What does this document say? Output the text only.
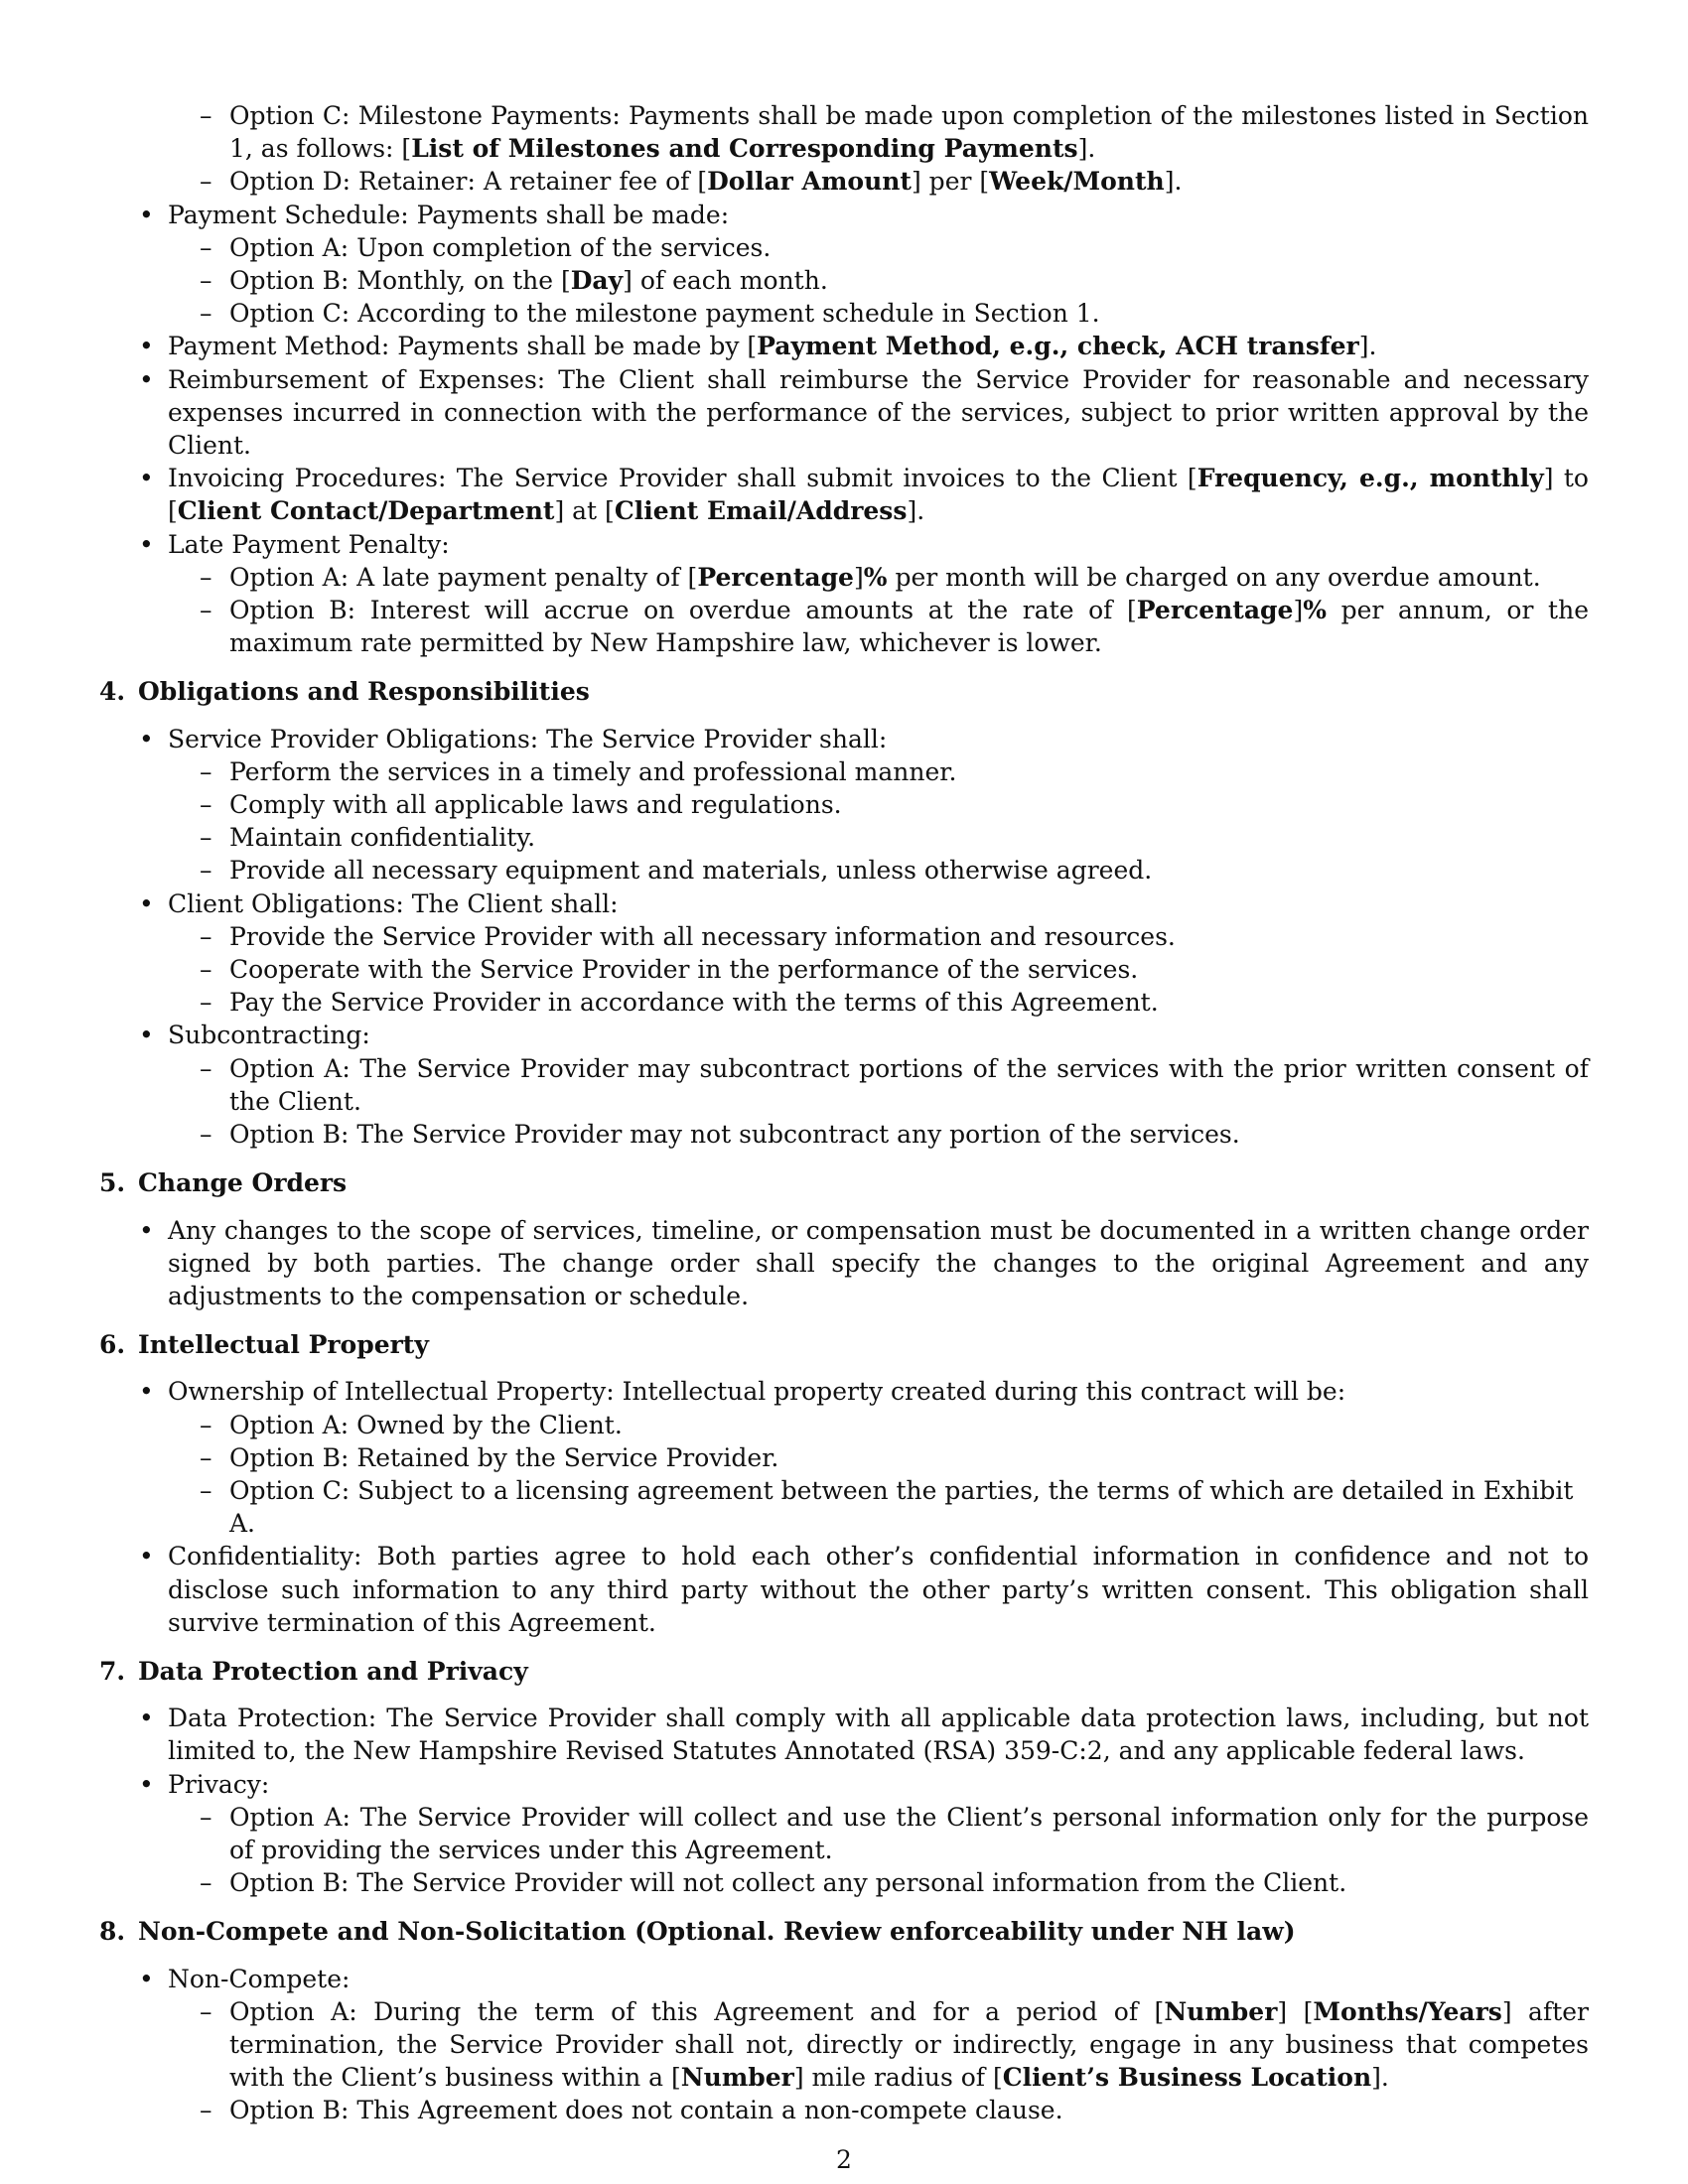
– Option C: Milestone Payments: Payments shall be made upon completion of the milestones listed in Section 1, as follows: [List of Milestones and Corresponding Payments].
– Option D: Retainer: A retainer fee of [Dollar Amount] per [Week/Month].
• Payment Schedule: Payments shall be made:
– Option A: Upon completion of the services.
– Option B: Monthly, on the [Day] of each month.
– Option C: According to the milestone payment schedule in Section 1.
• Payment Method: Payments shall be made by [Payment Method, e.g., check, ACH transfer].
• Reimbursement of Expenses: The Client shall reimburse the Service Provider for reasonable and necessary expenses incurred in connection with the performance of the services, subject to prior written approval by the Client.
• Invoicing Procedures: The Service Provider shall submit invoices to the Client [Frequency, e.g., monthly] to [Client Contact/Department] at [Client Email/Address].
• Late Payment Penalty:
– Option A: A late payment penalty of [Percentage]% per month will be charged on any overdue amount.
– Option B: Interest will accrue on overdue amounts at the rate of [Percentage]% per annum, or the maximum rate permitted by New Hampshire law, whichever is lower.
4. Obligations and Responsibilities
• Service Provider Obligations: The Service Provider shall:
– Perform the services in a timely and professional manner.
– Comply with all applicable laws and regulations.
– Maintain confidentiality.
– Provide all necessary equipment and materials, unless otherwise agreed.
• Client Obligations: The Client shall:
– Provide the Service Provider with all necessary information and resources.
– Cooperate with the Service Provider in the performance of the services.
– Pay the Service Provider in accordance with the terms of this Agreement.
• Subcontracting:
– Option A: The Service Provider may subcontract portions of the services with the prior written consent of the Client.
– Option B: The Service Provider may not subcontract any portion of the services.
5. Change Orders
• Any changes to the scope of services, timeline, or compensation must be documented in a written change order signed by both parties. The change order shall specify the changes to the original Agreement and any adjustments to the compensation or schedule.
6. Intellectual Property
• Ownership of Intellectual Property: Intellectual property created during this contract will be:
– Option A: Owned by the Client.
– Option B: Retained by the Service Provider.
– Option C: Subject to a licensing agreement between the parties, the terms of which are detailed in Exhibit A.
• Confidentiality: Both parties agree to hold each other’s confidential information in confidence and not to disclose such information to any third party without the other party’s written consent. This obligation shall survive termination of this Agreement.
7. Data Protection and Privacy
• Data Protection: The Service Provider shall comply with all applicable data protection laws, including, but not limited to, the New Hampshire Revised Statutes Annotated (RSA) 359-C:2, and any applicable federal laws.
• Privacy:
– Option A: The Service Provider will collect and use the Client’s personal information only for the purpose of providing the services under this Agreement.
– Option B: The Service Provider will not collect any personal information from the Client.
8. Non-Compete and Non-Solicitation (Optional. Review enforceability under NH law)
• Non-Compete:
– Option A: During the term of this Agreement and for a period of [Number] [Months/Years] after termination, the Service Provider shall not, directly or indirectly, engage in any business that competes with the Client’s business within a [Number] mile radius of [Client’s Business Location].
– Option B: This Agreement does not contain a non-compete clause.
2
